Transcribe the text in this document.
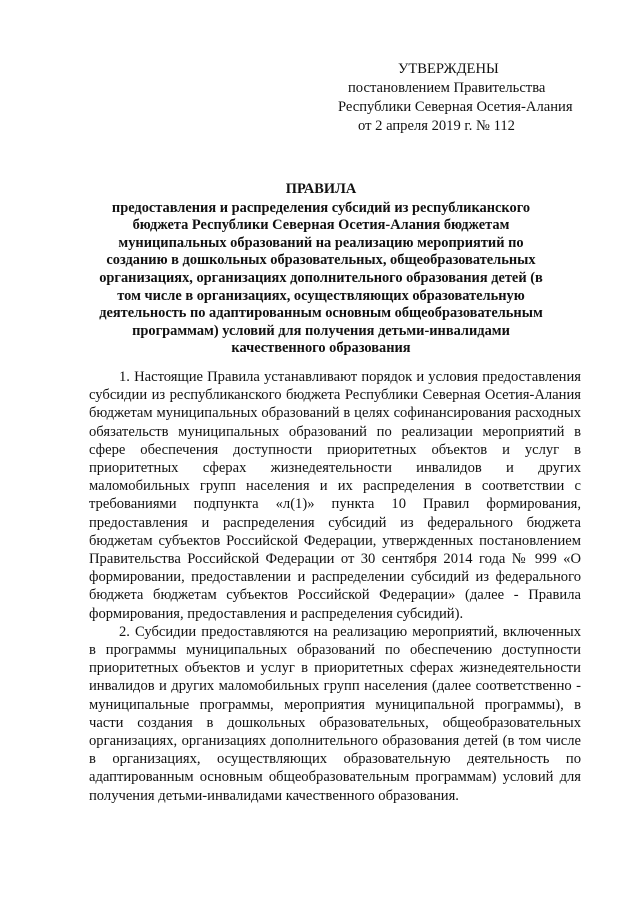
УТВЕРЖДЕНЫ
постановлением Правительства
Республики Северная Осетия-Алания
от 2 апреля 2019 г. № 112
ПРАВИЛА
предоставления и распределения субсидий из республиканского бюджета Республики Северная Осетия-Алания бюджетам муниципальных образований на реализацию мероприятий по созданию в дошкольных образовательных, общеобразовательных организациях, организациях дополнительного образования детей (в том числе в организациях, осуществляющих образовательную деятельность по адаптированным основным общеобразовательным программам) условий для получения детьми-инвалидами качественного образования

1. Настоящие Правила устанавливают порядок и условия предоставления субсидии из республиканского бюджета Республики Северная Осетия-Алания бюджетам муниципальных образований в целях софинансирования расходных обязательств муниципальных образований по реализации мероприятий в сфере обеспечения доступности приоритетных объектов и услуг в приоритетных сферах жизнедеятельности инвалидов и других маломобильных групп населения и их распределения в соответствии с требованиями подпункта «л(1)» пункта 10 Правил формирования, предоставления и распределения субсидий из федерального бюджета бюджетам субъектов Российской Федерации, утвержденных постановлением Правительства Российской Федерации от 30 сентября 2014 года № 999 «О формировании, предоставлении и распределении субсидий из федерального бюджета бюджетам субъектов Российской Федерации» (далее - Правила формирования, предоставления и распределения субсидий).

2. Субсидии предоставляются на реализацию мероприятий, включенных в программы муниципальных образований по обеспечению доступности приоритетных объектов и услуг в приоритетных сферах жизнедеятельности инвалидов и других маломобильных групп населения (далее соответственно - муниципальные программы, мероприятия муниципальной программы), в части создания в дошкольных образовательных, общеобразовательных организациях, организациях дополнительного образования детей (в том числе в организациях, осуществляющих образовательную деятельность по адаптированным основным общеобразовательным программам) условий для получения детьми-инвалидами качественного образования.
